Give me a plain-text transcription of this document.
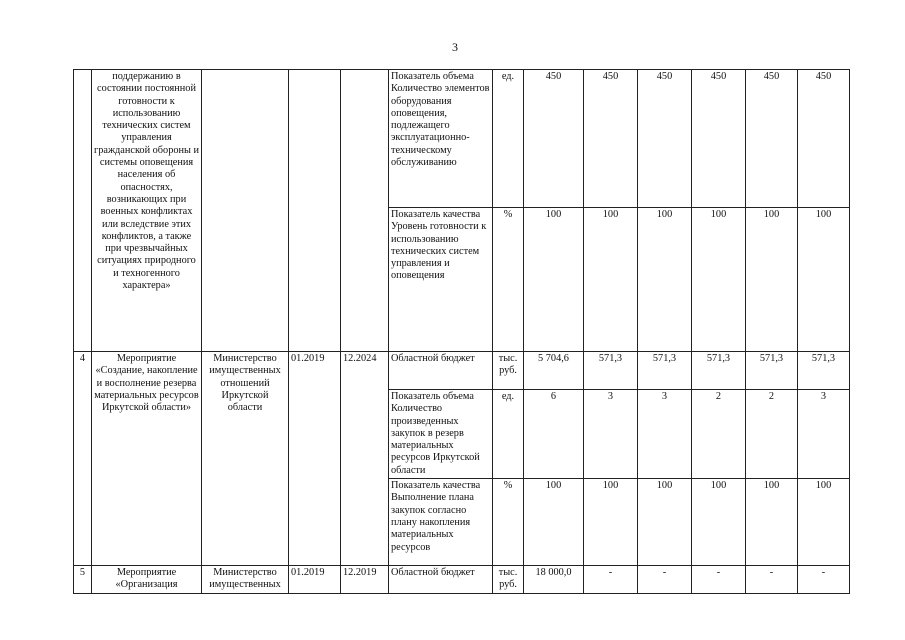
3
	поддержанию в состоянии постоянной готовности к использованию технических систем управления гражданской обороны и системы оповещения населения об опасностях, возникающих при военных конфликтах или вследствие этих конфликтов, а также при чрезвычайных ситуациях природного и техногенного характера»				Показатель объема Количество элементов оборудования оповещения, подлежащего эксплуатационно-техническому обслуживанию	ед.	450	450	450	450	450	450
					Показатель качества Уровень готовности к использованию технических систем управления и оповещения	%	100	100	100	100	100	100
4	Мероприятие «Создание, накопление и восполнение резерва материальных ресурсов Иркутской области»	Министерство имущественных отношений Иркутской области	01.2019	12.2024	Областной бюджет	тыс. руб.	5 704,6	571,3	571,3	571,3	571,3	571,3
					Показатель объема Количество произведенных закупок в резерв материальных ресурсов Иркутской области	ед.	6	3	3	2	2	3
					Показатель качества Выполнение плана закупок согласно плану накопления материальных ресурсов	%	100	100	100	100	100	100
5	Мероприятие «Организация	Министерство имущественных	01.2019	12.2019	Областной бюджет	тыс. руб.	18 000,0	-	-	-	-	-
